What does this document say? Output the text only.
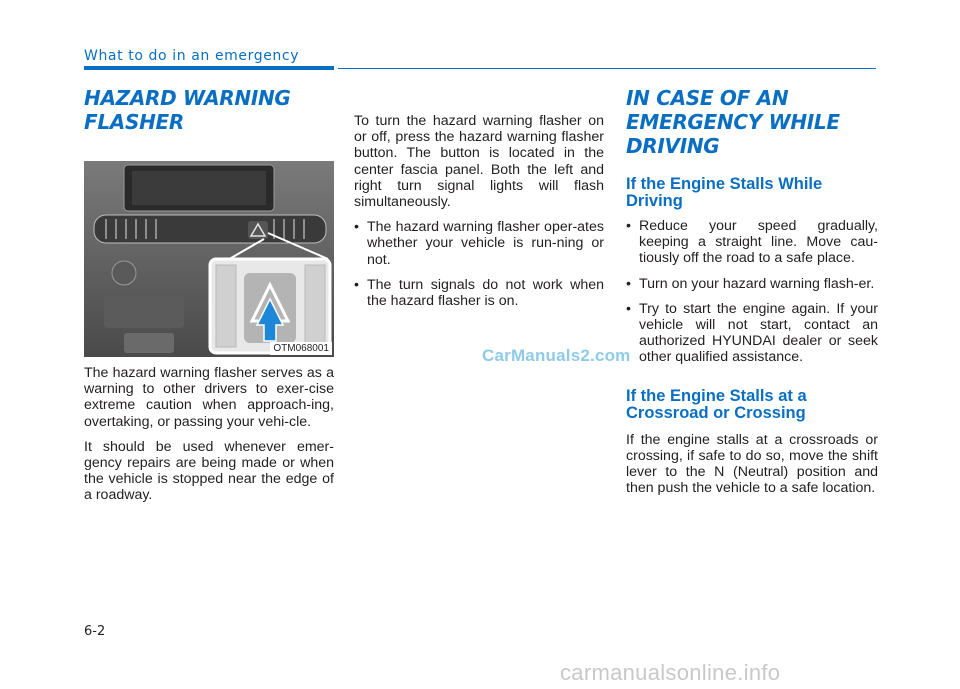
What to do in an emergency
HAZARD WARNING FLASHER
OTM068001

The hazard warning flasher serves as a warning to other drivers to exer-cise extreme caution when approach-ing, overtaking, or passing your vehi-cle.

It should be used whenever emer-gency repairs are being made or when the vehicle is stopped near the edge of a roadway.

To turn the hazard warning flasher on or off, press the hazard warning flasher button. The button is located in the center fascia panel. Both the left and right turn signal lights will flash simultaneously.

• The hazard warning flasher oper-ates whether your vehicle is run-ning or not.
• The turn signals do not work when the hazard flasher is on.
IN CASE OF AN EMERGENCY WHILE DRIVING
If the Engine Stalls While Driving
• Reduce your speed gradually, keeping a straight line. Move cau-tiously off the road to a safe place.
• Turn on your hazard warning flash-er.
• Try to start the engine again. If your vehicle will not start, contact an authorized HYUNDAI dealer or seek other qualified assistance.
If the Engine Stalls at a Crossroad or Crossing

If the engine stalls at a crossroads or crossing, if safe to do so, move the shift lever to the N (Neutral) position and then push the vehicle to a safe location.

CarManuals2.com
6-2
carmanualsonline.info
